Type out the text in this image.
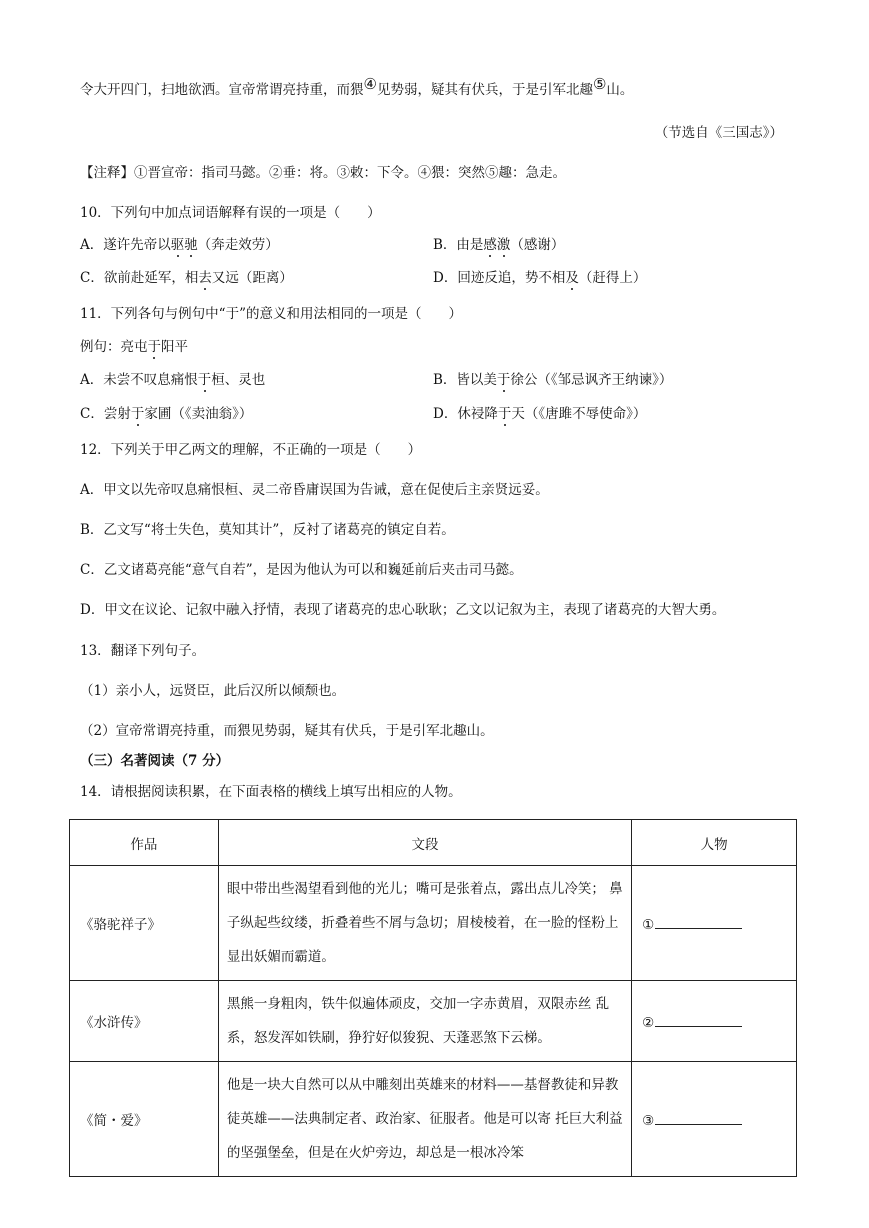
令大开四门，扫地欲洒。宣帝常谓亮持重，而猥④见势弱，疑其有伏兵，于是引军北趣⑤山。
（节选自《三国志》）
【注释】①晋宣帝：指司马懿。②垂：将。③敕：下令。④猥：突然⑤趣：急走。
10．下列句中加点词语解释有误的一项是（　　）
A．遂许先帝以驱驰（奔走效劳）	B．由是感激（感谢）
C．欲前赴延军，相去又远（距离）	D．回迹反追，势不相及（赶得上）
11．下列各句与例句中“于”的意义和用法相同的一项是（　　）
例句：亮屯于阳平
A．未尝不叹息痛恨于桓、灵也	B．皆以美于徐公（《邹忌讽齐王纳谏》）
C．尝射于家圃（《卖油翁》）	D．休祲降于天（《唐雎不辱使命》）
12．下列关于甲乙两文的理解，不正确的一项是（　　）
A．甲文以先帝叹息痛恨桓、灵二帝昏庸误国为告诫，意在促使后主亲贤远妥。
B．乙文写“将士失色，莫知其计”，反衬了诸葛亮的镇定自若。
C．乙文诸葛亮能“意气自若”，是因为他认为可以和巍延前后夹击司马懿。
D．甲文在议论、记叙中融入抒情，表现了诸葛亮的忠心耿耿；乙文以记叙为主，表现了诸葛亮的大智大勇。
13．翻译下列句子。
（1）亲小人，远贤臣，此后汉所以倾颓也。
（2）宣帝常谓亮持重，而猥见势弱，疑其有伏兵，于是引军北趣山。
（三）名著阅读（7 分）
14．请根据阅读积累，在下面表格的横线上填写出相应的人物。
作品	文段	人物
《骆驼祥子》	眼中带出些渴望看到他的光儿；嘴可是张着点，露出点儿冷笑； 鼻子纵起些纹缕，折叠着些不屑与急切；眉棱棱着，在一脸的怪粉上显出妖媚而霸道。	①
《水浒传》	黑熊一身粗肉，铁牛似遍体顽皮，交加一字赤黄眉，双限赤丝 乱系，怒发浑如铁刷，狰狞好似狻猊、天蓬恶煞下云梯。	②
《简・爱》	他是一块大自然可以从中雕刻出英雄来的材料——基督教徒和异教徒英雄——法典制定者、政治家、征服者。他是可以寄 托巨大利益的坚强堡垒，但是在火炉旁边，却总是一根冰冷笨	③
